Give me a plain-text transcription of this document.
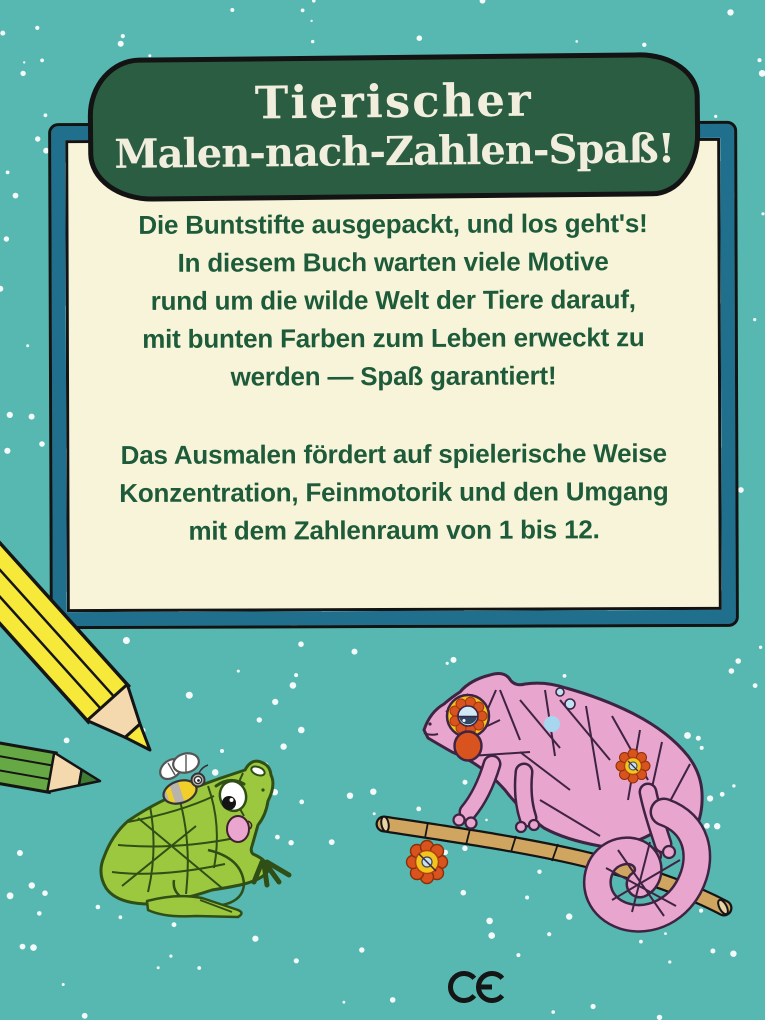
Die Buntstifte ausgepackt, und los geht's!
In diesem Buch warten viele Motive
rund um die wilde Welt der Tiere darauf,
mit bunten Farben zum Leben erweckt zu
werden — Spaß garantiert!
Das Ausmalen fördert auf spielerische Weise
Konzentration, Feinmotorik und den Umgang
mit dem Zahlenraum von 1 bis 12.
Tierischer
Malen-nach-Zahlen-Spaß!
